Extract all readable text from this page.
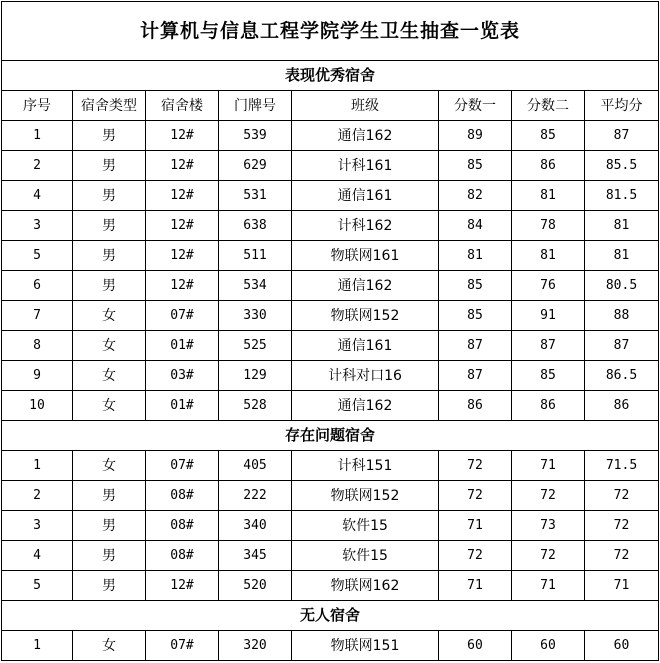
计算机与信息工程学院学生卫生抽查一览表							
表现优秀宿舍							
序号	宿舍类型	宿舍楼	门牌号	班级	分数一	分数二	平均分
1	男	12#	539	通信162	89	85	87
2	男	12#	629	计科161	85	86	85.5
4	男	12#	531	通信161	82	81	81.5
3	男	12#	638	计科162	84	78	81
5	男	12#	511	物联网161	81	81	81
6	男	12#	534	通信162	85	76	80.5
7	女	07#	330	物联网152	85	91	88
8	女	01#	525	通信161	87	87	87
9	女	03#	129	计科对口16	87	85	86.5
10	女	01#	528	通信162	86	86	86
存在问题宿舍							
1	女	07#	405	计科151	72	71	71.5
2	男	08#	222	物联网152	72	72	72
3	男	08#	340	软件15	71	73	72
4	男	08#	345	软件15	72	72	72
5	男	12#	520	物联网162	71	71	71
无人宿舍							
1	女	07#	320	物联网151	60	60	60
